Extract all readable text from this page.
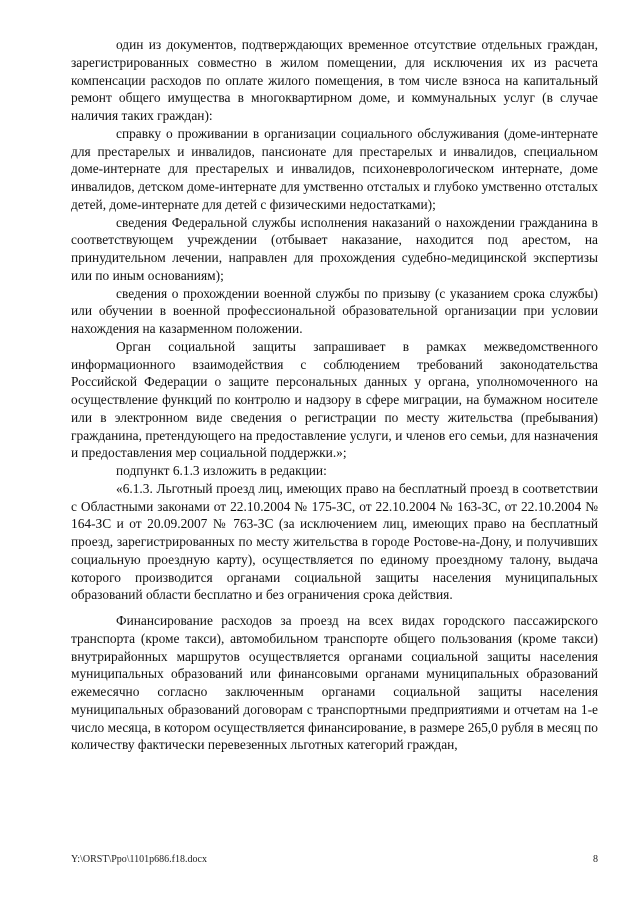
один из документов, подтверждающих временное отсутствие отдельных граждан, зарегистрированных совместно в жилом помещении, для исключения их из расчета компенсации расходов по оплате жилого помещения, в том числе взноса на капитальный ремонт общего имущества в многоквартирном доме, и коммунальных услуг (в случае наличия таких граждан):

справку о проживании в организации социального обслуживания (доме-интернате для престарелых и инвалидов, пансионате для престарелых и инвалидов, специальном доме-интернате для престарелых и инвалидов, психоневрологическом интернате, доме инвалидов, детском доме-интернате для умственно отсталых и глубоко умственно отсталых детей, доме-интернате для детей с физическими недостатками);

сведения Федеральной службы исполнения наказаний о нахождении гражданина в соответствующем учреждении (отбывает наказание, находится под арестом, на принудительном лечении, направлен для прохождения судебно-медицинской экспертизы или по иным основаниям);

сведения о прохождении военной службы по призыву (с указанием срока службы) или обучении в военной профессиональной образовательной организации при условии нахождения на казарменном положении.

Орган социальной защиты запрашивает в рамках межведомственного информационного взаимодействия с соблюдением требований законодательства Российской Федерации о защите персональных данных у органа, уполномоченного на осуществление функций по контролю и надзору в сфере миграции, на бумажном носителе или в электронном виде сведения о регистрации по месту жительства (пребывания) гражданина, претендующего на предоставление услуги, и членов его семьи, для назначения и предоставления мер социальной поддержки.»;

подпункт 6.1.3 изложить в редакции:

«6.1.3. Льготный проезд лиц, имеющих право на бесплатный проезд в соответствии с Областными законами от 22.10.2004 № 175-ЗС, от 22.10.2004 № 163-ЗС, от 22.10.2004 № 164-ЗС и от 20.09.2007 № 763-ЗС (за исключением лиц, имеющих право на бесплатный проезд, зарегистрированных по месту жительства в городе Ростове-на-Дону, и получивших социальную проездную карту), осуществляется по единому проездному талону, выдача которого производится органами социальной защиты населения муниципальных образований области бесплатно и без ограничения срока действия.

Финансирование расходов за проезд на всех видах городского пассажирского транспорта (кроме такси), автомобильном транспорте общего пользования (кроме такси) внутрирайонных маршрутов осуществляется органами социальной защиты населения муниципальных образований или финансовыми органами муниципальных образований ежемесячно согласно заключенным органами социальной защиты населения муниципальных образований договорам с транспортными предприятиями и отчетам на 1-е число месяца, в котором осуществляется финансирование, в размере 265,0 рубля в месяц по количеству фактически перевезенных льготных категорий граждан,

Y:\ORST\Ppo\1101p686.f18.docx	8
